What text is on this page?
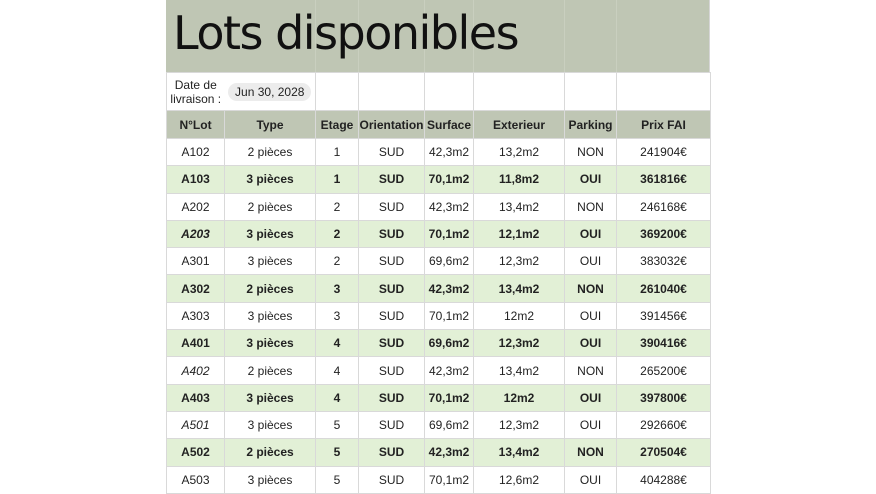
Lots disponibles
Date de livraison :	Jun 30, 2028						
N°Lot	Type	Etage	Orientation	Surface	Exterieur	Parking	Prix FAI
A102	2 pièces	1	SUD	42,3m2	13,2m2	NON	241904€
A103	3 pièces	1	SUD	70,1m2	11,8m2	OUI	361816€
A202	2 pièces	2	SUD	42,3m2	13,4m2	NON	246168€
A203	3 pièces	2	SUD	70,1m2	12,1m2	OUI	369200€
A301	3 pièces	2	SUD	69,6m2	12,3m2	OUI	383032€
A302	2 pièces	3	SUD	42,3m2	13,4m2	NON	261040€
A303	3 pièces	3	SUD	70,1m2	12m2	OUI	391456€
A401	3 pièces	4	SUD	69,6m2	12,3m2	OUI	390416€
A402	2 pièces	4	SUD	42,3m2	13,4m2	NON	265200€
A403	3 pièces	4	SUD	70,1m2	12m2	OUI	397800€
A501	3 pièces	5	SUD	69,6m2	12,3m2	OUI	292660€
A502	2 pièces	5	SUD	42,3m2	13,4m2	NON	270504€
A503	3 pièces	5	SUD	70,1m2	12,6m2	OUI	404288€
